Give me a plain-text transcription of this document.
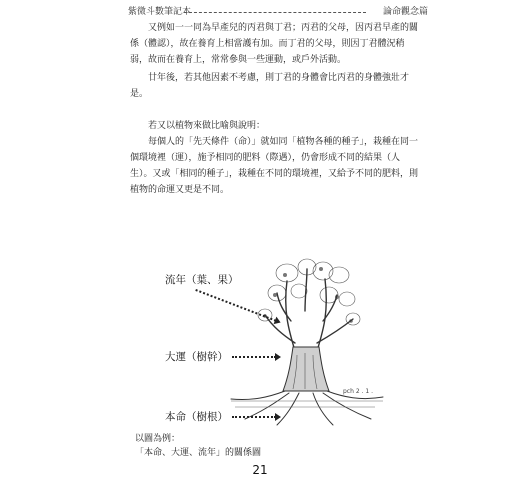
紫微斗數筆記本	論命觀念篇

又例如一一同為早產兒的丙君與丁君；丙君的父母，因丙君早產的關係（體認），故在養育上相當護有加。而丁君的父母，則因丁君體況稍弱，故而在養育上，常常參與一些運動，或戶外活動。

廿年後，若其他因素不考慮，則丁君的身體會比丙君的身體強壯才是。

若又以植物來做比喻與說明：

每個人的「先天條件（命）」就如同「植物各種的種子」，栽種在同一個環境裡（運），施予相同的肥料（際遇），仍會形成不同的結果（人生）。又或「相同的種子」，栽種在不同的環境裡，又給予不同的肥料，則植物的命運又更是不同。

pch 2 . 1 .
流年（葉、果）
大運（樹幹）
本命（樹根）
以圖為例：
「本命、大運、流年」的關係圖
21
